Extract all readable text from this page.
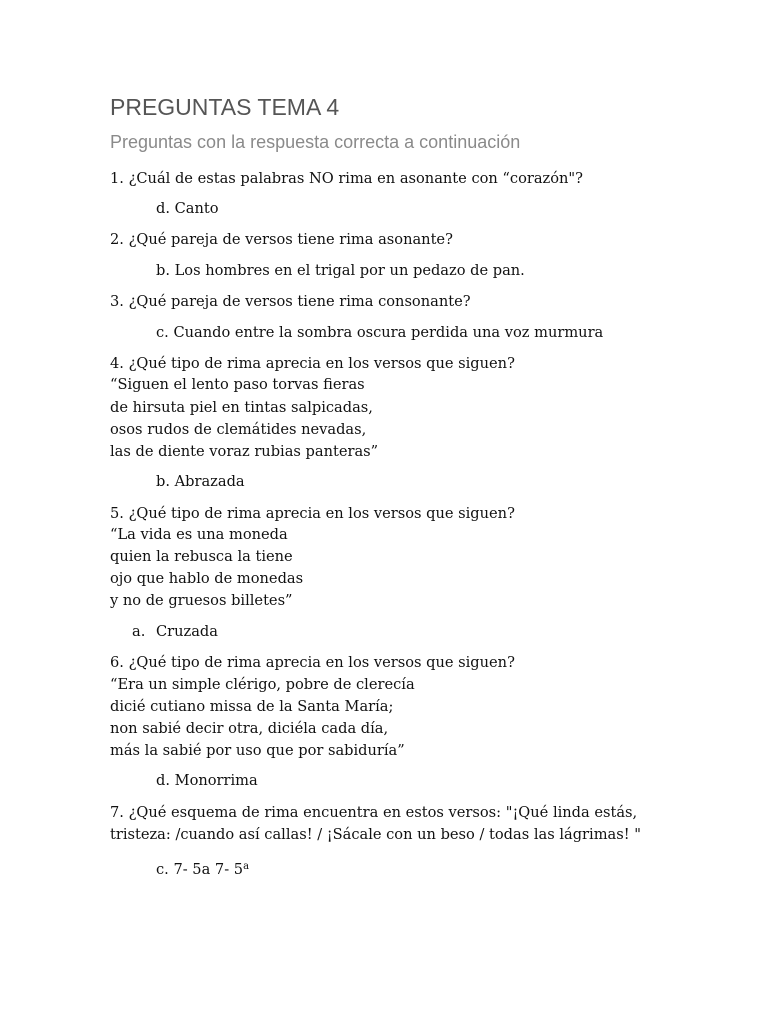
PREGUNTAS TEMA 4
Preguntas con la respuesta correcta a continuación
1. ¿Cuál de estas palabras NO rima en asonante con “corazón"?
d. Canto
2. ¿Qué pareja de versos tiene rima asonante?
b. Los hombres en el trigal por un pedazo de pan.
3. ¿Qué pareja de versos tiene rima consonante?
c. Cuando entre la sombra oscura perdida una voz murmura
4. ¿Qué tipo de rima aprecia en los versos que siguen?
“Siguen el lento paso torvas fieras
de hirsuta piel en tintas salpicadas,
osos rudos de clemátides nevadas,
las de diente voraz rubias panteras”
b. Abrazada
5. ¿Qué tipo de rima aprecia en los versos que siguen?
“La vida es una moneda
quien la rebusca la tiene
ojo que hablo de monedas
y no de gruesos billetes”
a. Cruzada
6. ¿Qué tipo de rima aprecia en los versos que siguen?
“Era un simple clérigo, pobre de clerecía
dicié cutiano missa de la Santa María;
non sabié decir otra, diciéla cada día,
más la sabié por uso que por sabiduría”
d. Monorrima
7. ¿Qué esquema de rima encuentra en estos versos: "¡Qué linda estás,
tristeza: /cuando así callas! / ¡Sácale con un beso / todas las lágrimas! "
c. 7- 5a 7- 5$^a$
